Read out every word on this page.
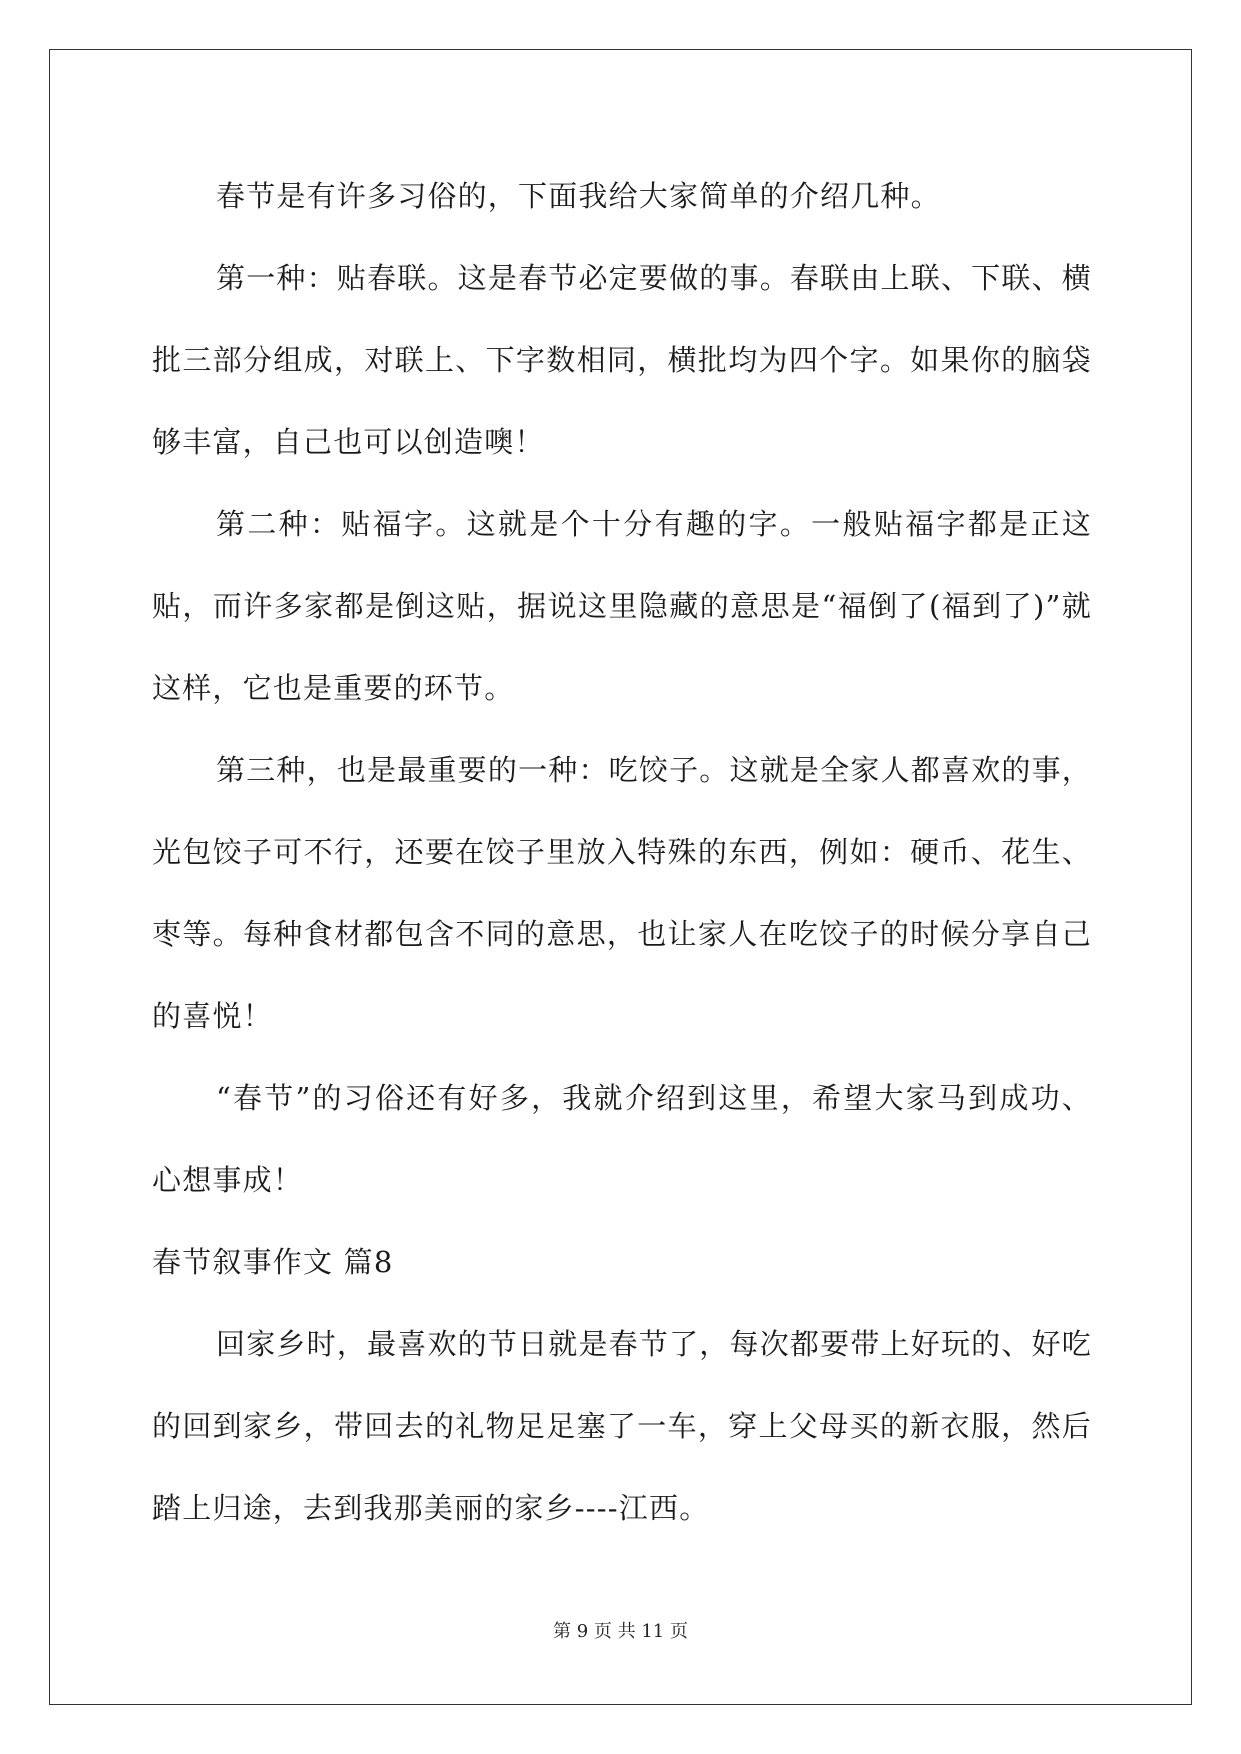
春节是有许多习俗的，下面我给大家简单的介绍几种。

第一种：贴春联。这是春节必定要做的事。春联由上联、下联、横批三部分组成，对联上、下字数相同，横批均为四个字。如果你的脑袋够丰富，自己也可以创造噢！

第二种：贴福字。这就是个十分有趣的字。一般贴福字都是正这贴，而许多家都是倒这贴，据说这里隐藏的意思是“福倒了(福到了)”就这样，它也是重要的环节。

第三种，也是最重要的一种：吃饺子。这就是全家人都喜欢的事，光包饺子可不行，还要在饺子里放入特殊的东西，例如：硬币、花生、枣等。每种食材都包含不同的意思，也让家人在吃饺子的时候分享自己的喜悦！

“春节”的习俗还有好多，我就介绍到这里，希望大家马到成功、心想事成！

春节叙事作文 篇8

回家乡时，最喜欢的节日就是春节了，每次都要带上好玩的、好吃的回到家乡，带回去的礼物足足塞了一车，穿上父母买的新衣服，然后踏上归途，去到我那美丽的家乡----江西。

第 9 页 共 11 页
